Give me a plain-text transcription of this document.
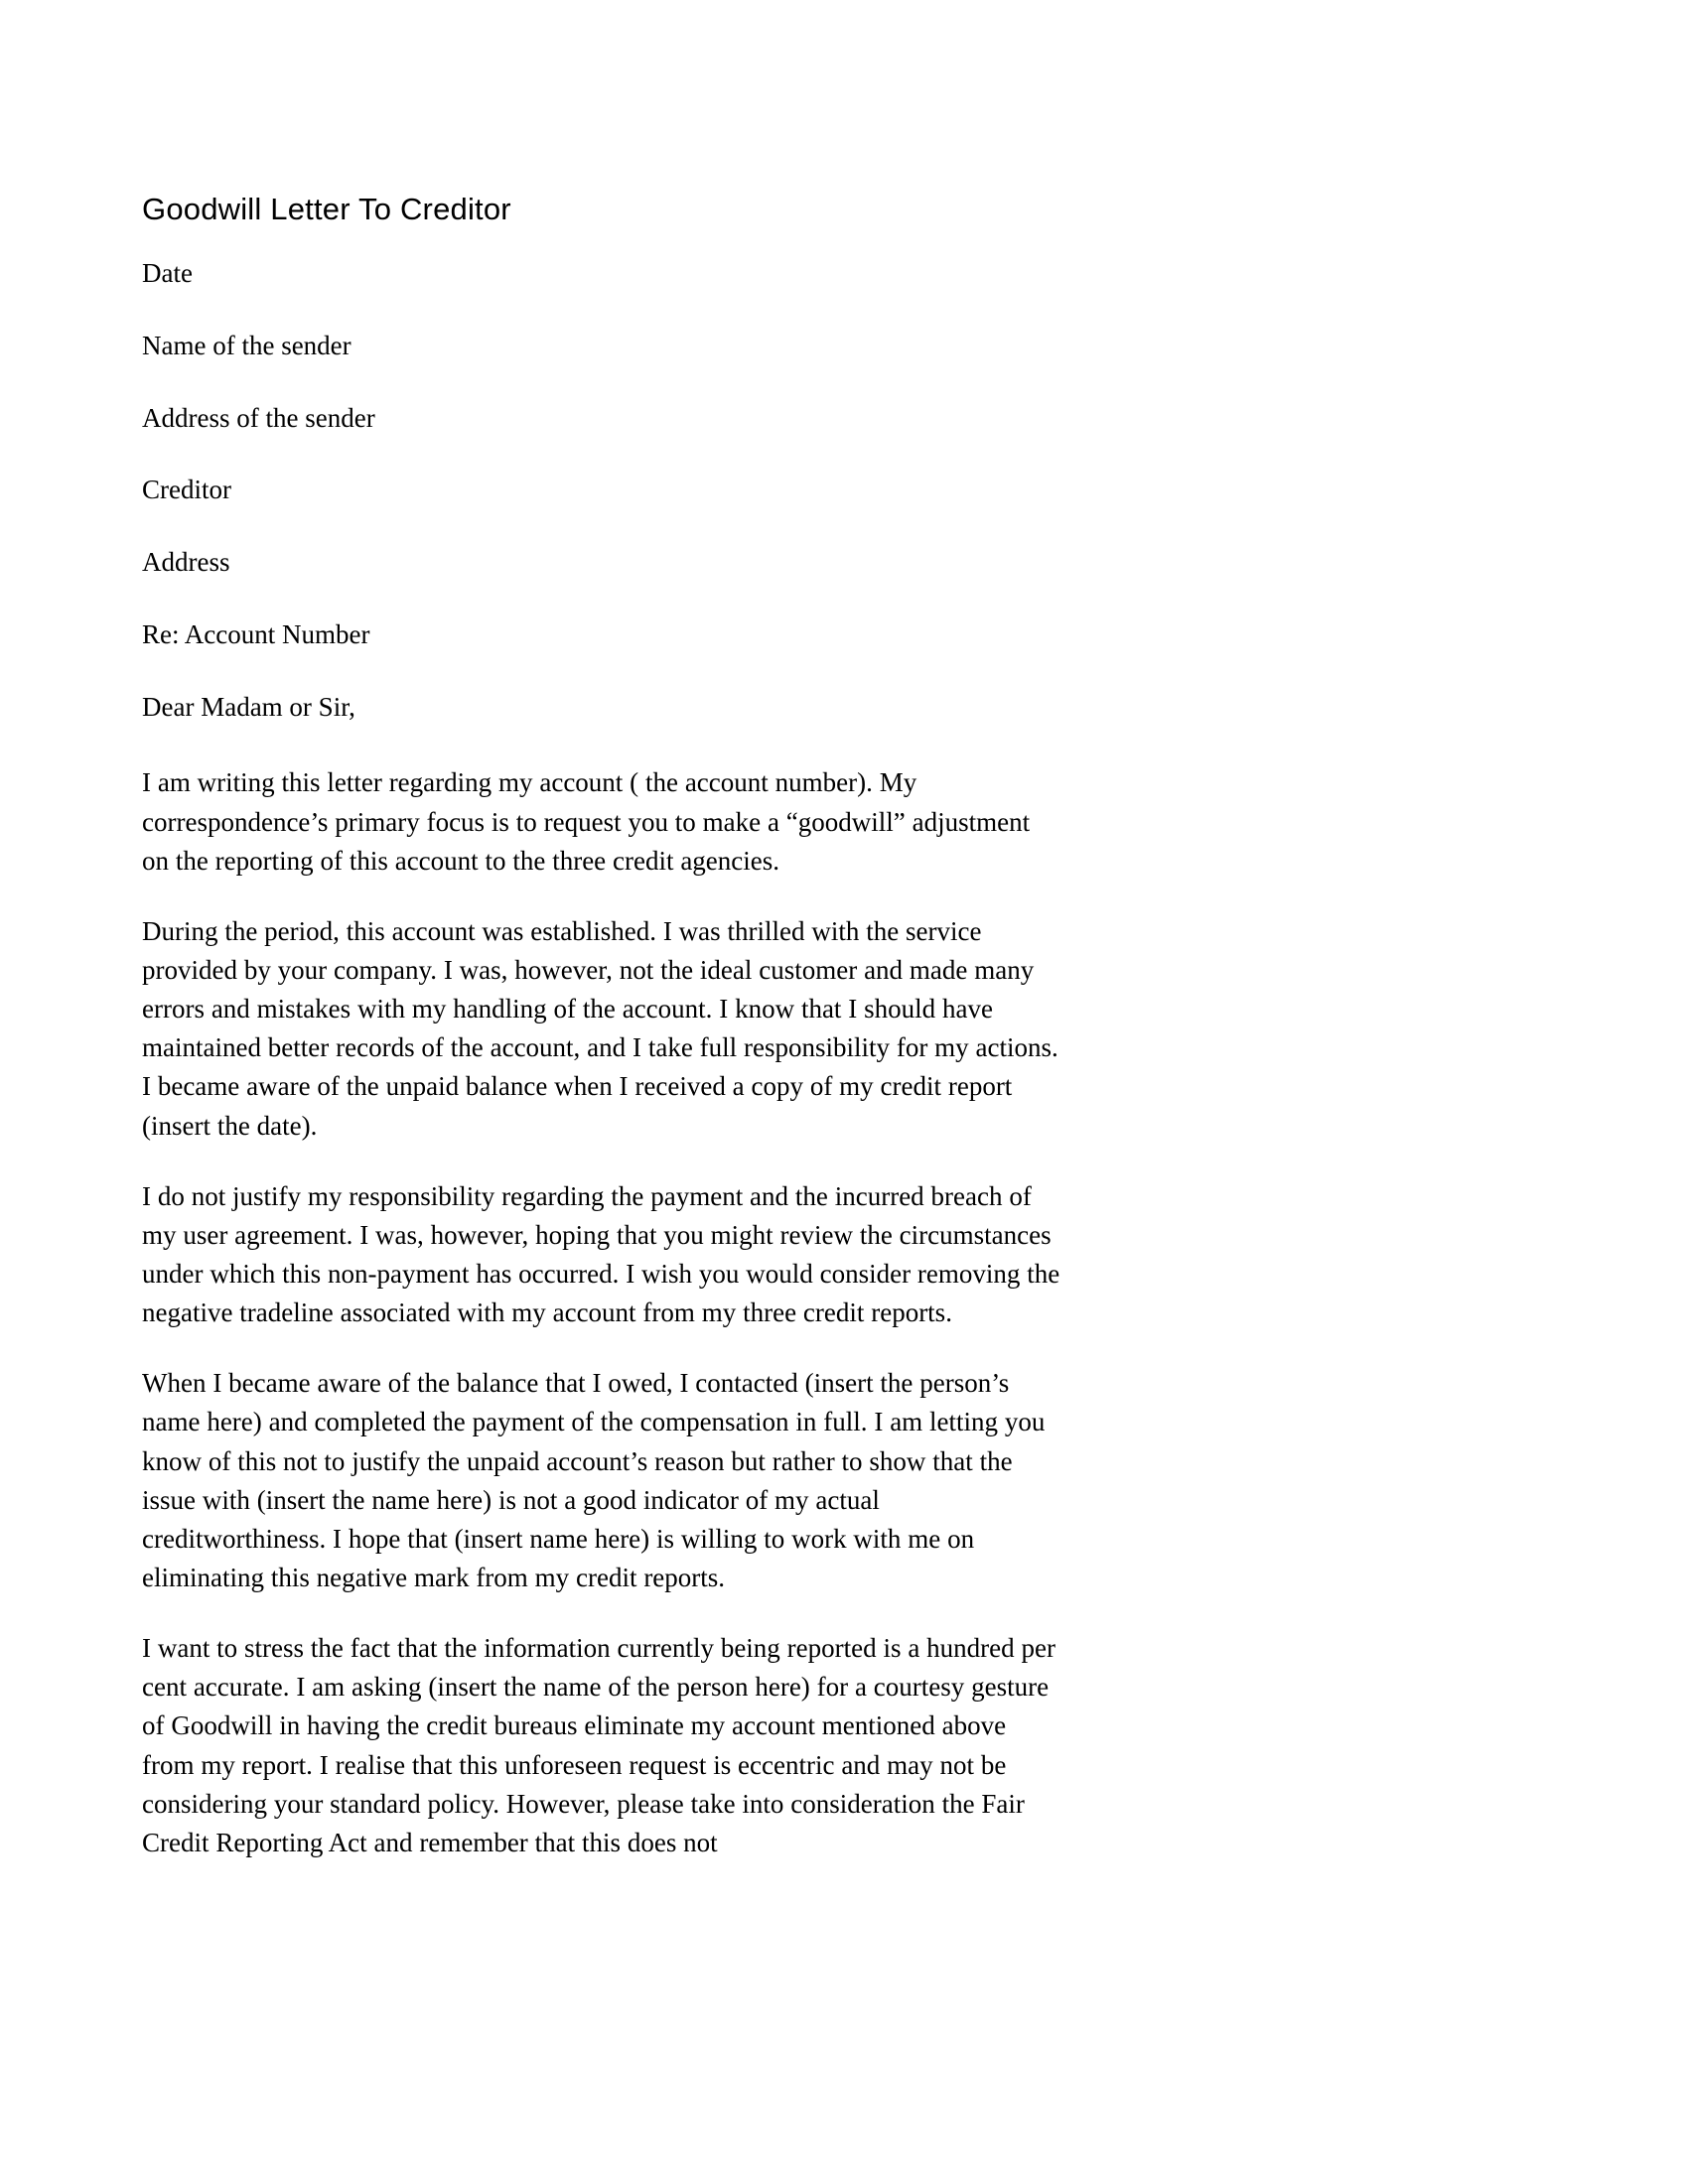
Goodwill Letter To Creditor

Date

Name of the sender

Address of the sender

Creditor

Address

Re: Account Number

Dear Madam or Sir,

I am writing this letter regarding my account ( the account number). My correspondence’s primary focus is to request you to make a “goodwill” adjustment on the reporting of this account to the three credit agencies.

During the period, this account was established. I was thrilled with the service provided by your company. I was, however, not the ideal customer and made many errors and mistakes with my handling of the account. I know that I should have maintained better records of the account, and I take full responsibility for my actions. I became aware of the unpaid balance when I received a copy of my credit report (insert the date).

I do not justify my responsibility regarding the payment and the incurred breach of my user agreement. I was, however, hoping that you might review the circumstances under which this non-payment has occurred. I wish you would consider removing the negative tradeline associated with my account from my three credit reports.

When I became aware of the balance that I owed, I contacted (insert the person’s name here) and completed the payment of the compensation in full. I am letting you know of this not to justify the unpaid account’s reason but rather to show that the issue with (insert the name here) is not a good indicator of my actual creditworthiness. I hope that (insert name here) is willing to work with me on eliminating this negative mark from my credit reports.

I want to stress the fact that the information currently being reported is a hundred per cent accurate. I am asking (insert the name of the person here) for a courtesy gesture of Goodwill in having the credit bureaus eliminate my account mentioned above from my report. I realise that this unforeseen request is eccentric and may not be considering your standard policy. However, please take into consideration the Fair Credit Reporting Act and remember that this does not
